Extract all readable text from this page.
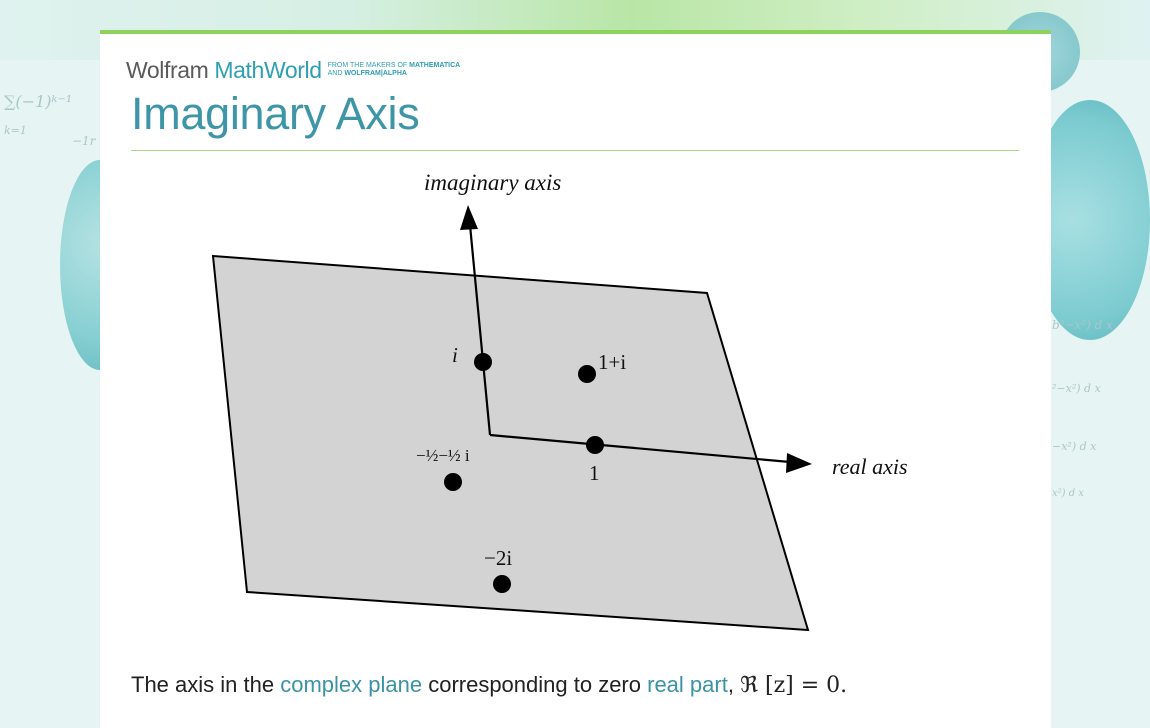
∑(−1)ᵏ⁻¹
k=1
−1r
b²−x²) d x
²−x²) d x
−x²) d x
x²) d x
Wolfram MathWorld FROM THE MAKERS OF MATHEMATICA
AND WOLFRAM|ALPHA
Imaginary Axis
imaginary axis
real axis
i	1+i
1
−½−½ i
−2i

The axis in the complex plane corresponding to zero real part, ℜ [z] = 0.
